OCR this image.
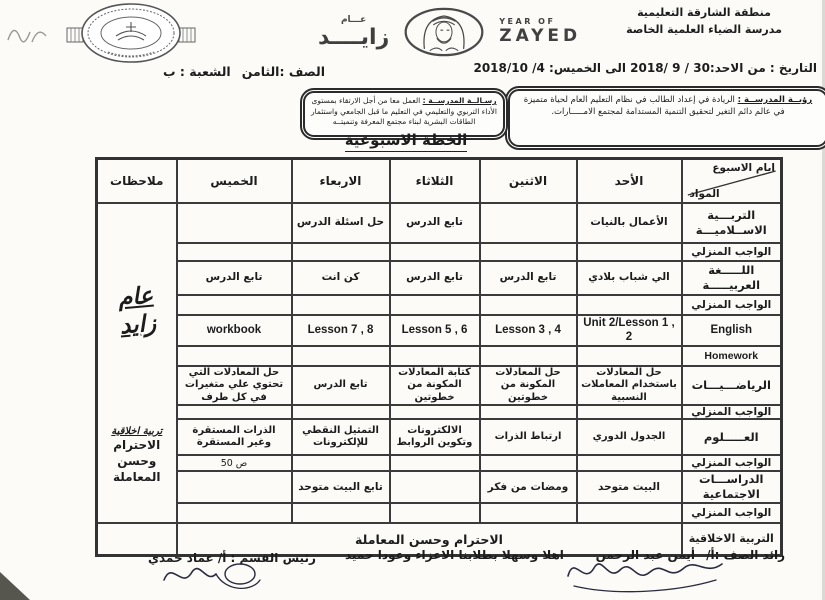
عـــام
زايــــد
YEAR OF
ZAYED
منطقة الشارقة التعليمية
مدرسة الضياء العلمية الخاصة
التاريخ : من الاحد:30 / 9 /2018 الى الخميس: 4/ 2018/10
الصف :الثامن
الشعبة : ب
رؤيــة المدرســة : الريادة في إعداد الطالب في نظام التعليم العام لحياة متميزة في عالم دائم التغير لتحقيق التنمية المستدامة لمجتمع الامـــــارات.
رسـالــة المدرســة : العمل معا من أجل الارتقاء بمستوى الأداء التربوي والتعليمي في التعليم ما قبل الجامعي واستثمار الطاقات البشرية لبناء مجتمع المعرفة وتنميتــه
الخطة الاسبوعية
ايام الاسبوع
المواد	الأحد	الاثنين	الثلاثاء	الاربعاء	الخميس	ملاحظات
التربـــية الاســلاميـــة	الأعمال بالنيات		تابع الدرس	حل اسئلة الدرس		
عام
زايد
تربية اخلاقية
الاحترام
وحسن
المعاملة

الواجب المنزلي						
اللـــــغة العربيـــــة	الي شباب بلادي	تابع الدرس	تابع الدرس	كن انت	تابع الدرس	
الواجب المنزلي						
English	Unit 2/Lesson 1 , 2	Lesson 3 , 4	Lesson 5 , 6	Lesson 7 , 8	workbook	
Homework						
الرياضـــيـــات	حل المعادلات باستخدام المعاملات النسبية	حل المعادلات المكونة من خطوتين	كتابة المعادلات المكونة من خطوتين	تابع الدرس	حل المعادلات التي تحتوي علي متغيرات في كل طرف	
الواجب المنزلي						
العـــــلوم	الجدول الدوري	ارتباط الذرات	الالكترونات وتكوين الروابط	التمثيل النقطي للإلكترونات	الذرات المستقرة وغير المستقرة	
الواجب المنزلي					ص 50	
الدراســـات الاجتماعية	البيت متوحد	ومضات من فكر		تابع البيت متوحد		
الواجب المنزلي						
التربية الاخلاقية	الاحترام وحسن المعاملة					
رائد الصف :أ/
أيمن عبد الرحمن
اهلا وسهلا بطلابنا الاعزاء وعودا حميد
رئيس القسم : أ/ عماد حمدي
